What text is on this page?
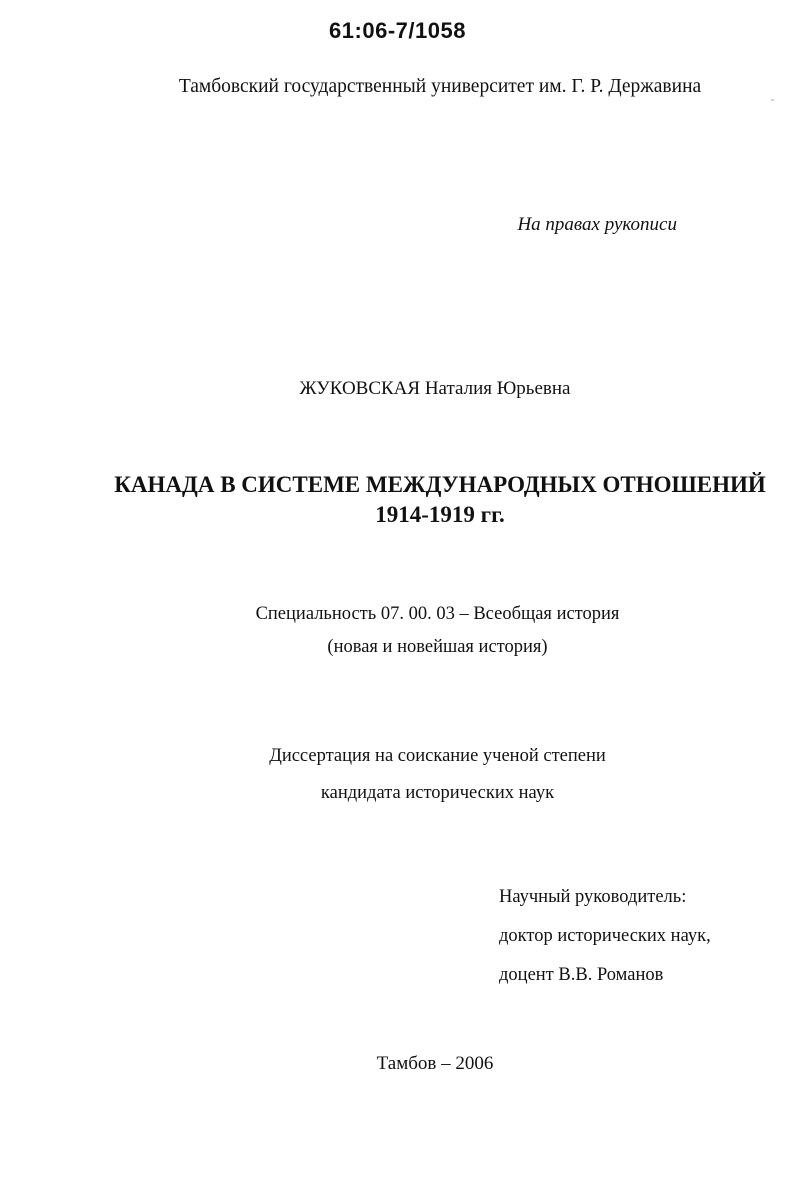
61:06-7/1058
Тамбовский государственный университет им. Г. Р. Державина
На правах рукописи
ЖУКОВСКАЯ Наталия Юрьевна
КАНАДА В СИСТЕМЕ МЕЖДУНАРОДНЫХ ОТНОШЕНИЙ
1914-1919 гг.
Специальность 07. 00. 03 – Всеобщая история
(новая и новейшая история)
Диссертация на соискание ученой степени
кандидата исторических наук
Научный руководитель:
доктор исторических наук,
доцент В.В. Романов
Тамбов – 2006
